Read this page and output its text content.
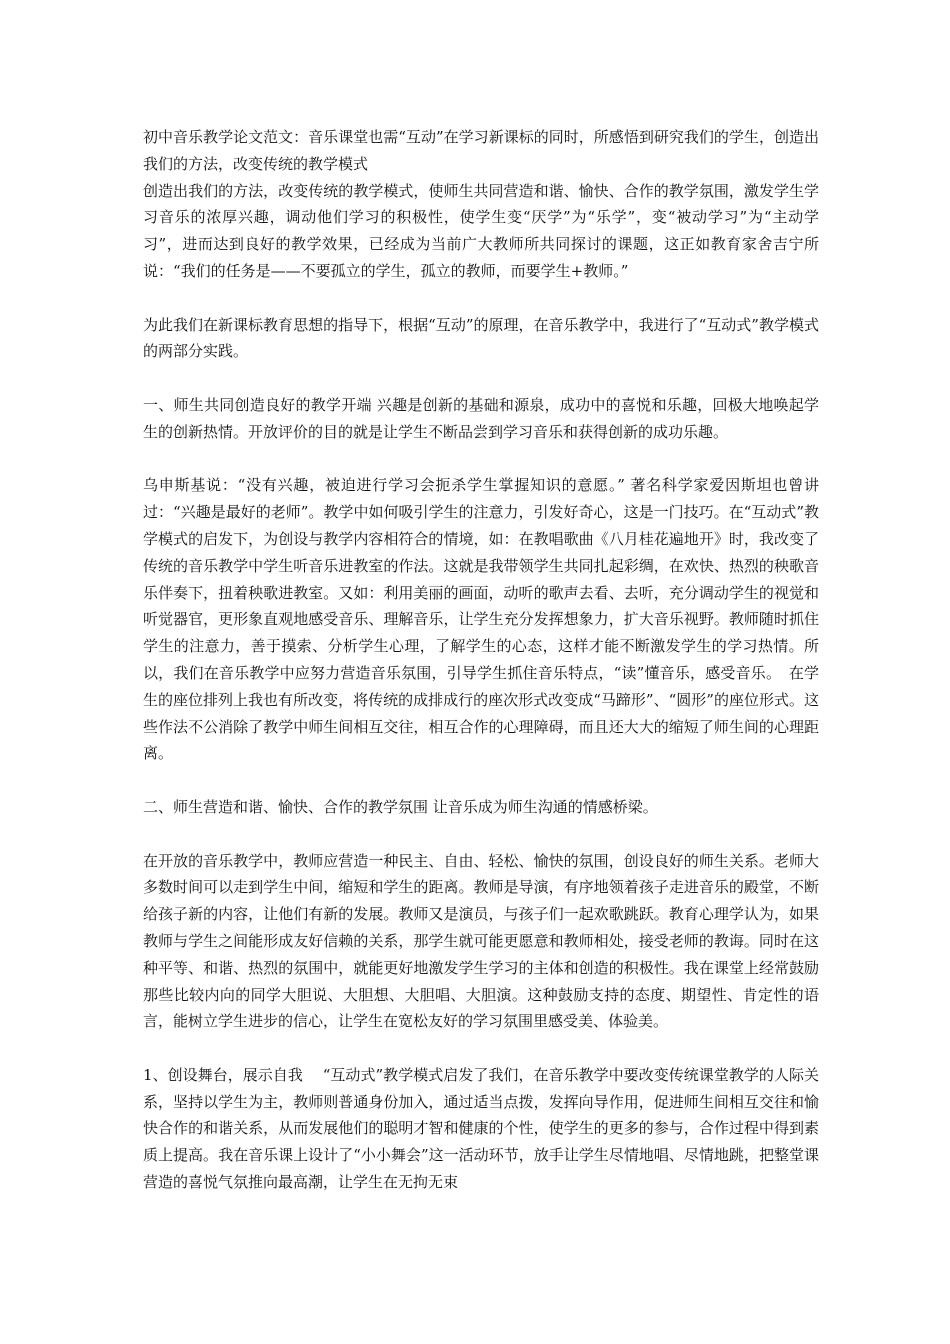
初中音乐教学论文范文：音乐课堂也需“互动”在学习新课标的同时，所感悟到研究我们的学生，创造出我们的方法，改变传统的教学模式

创造出我们的方法，改变传统的教学模式，使师生共同营造和谐、愉快、合作的教学氛围，激发学生学习音乐的浓厚兴趣，调动他们学习的积极性，使学生变“厌学”为“乐学”，变“被动学习”为“主动学习”，进而达到良好的教学效果，已经成为当前广大教师所共同探讨的课题，这正如教育家舍吉宁所说：“我们的任务是——不要孤立的学生，孤立的教师，而要学生+教师。”

为此我们在新课标教育思想的指导下，根据“互动”的原理，在音乐教学中，我进行了“互动式”教学模式的两部分实践。

一、师生共同创造良好的教学开端 兴趣是创新的基础和源泉，成功中的喜悦和乐趣，回极大地唤起学生的创新热情。开放评价的目的就是让学生不断品尝到学习音乐和获得创新的成功乐趣。

乌申斯基说：“没有兴趣，被迫进行学习会扼杀学生掌握知识的意愿。” 著名科学家爱因斯坦也曾讲过：“兴趣是最好的老师”。教学中如何吸引学生的注意力，引发好奇心，这是一门技巧。在“互动式”教学模式的启发下，为创设与教学内容相符合的情境，如：在教唱歌曲《八月桂花遍地开》时，我改变了传统的音乐教学中学生听音乐进教室的作法。这就是我带领学生共同扎起彩绸，在欢快、热烈的秧歌音乐伴奏下，扭着秧歌进教室。又如：利用美丽的画面，动听的歌声去看、去听，充分调动学生的视觉和听觉器官，更形象直观地感受音乐、理解音乐，让学生充分发挥想象力，扩大音乐视野。教师随时抓住学生的注意力，善于摸索、分析学生心理，了解学生的心态，这样才能不断激发学生的学习热情。所以，我们在音乐教学中应努力营造音乐氛围，引导学生抓住音乐特点，“读”懂音乐，感受音乐。　在学生的座位排列上我也有所改变，将传统的成排成行的座次形式改变成“马蹄形”、“圆形”的座位形式。这些作法不公消除了教学中师生间相互交往，相互合作的心理障碍，而且还大大的缩短了师生间的心理距离。

二、师生营造和谐、愉快、合作的教学氛围 让音乐成为师生沟通的情感桥梁。

在开放的音乐教学中，教师应营造一种民主、自由、轻松、愉快的氛围，创设良好的师生关系。老师大多数时间可以走到学生中间，缩短和学生的距离。教师是导演，有序地领着孩子走进音乐的殿堂，不断给孩子新的内容，让他们有新的发展。教师又是演员，与孩子们一起欢歌跳跃。教育心理学认为，如果教师与学生之间能形成友好信赖的关系，那学生就可能更愿意和教师相处，接受老师的教诲。同时在这种平等、和谐、热烈的氛围中，就能更好地激发学生学习的主体和创造的积极性。我在课堂上经常鼓励那些比较内向的同学大胆说、大胆想、大胆唱、大胆演。这种鼓励支持的态度、期望性、肯定性的语言，能树立学生进步的信心，让学生在宽松友好的学习氛围里感受美、体验美。

1、创设舞台，展示自我　 “互动式”教学模式启发了我们，在音乐教学中要改变传统课堂教学的人际关系，坚持以学生为主，教师则普通身份加入，通过适当点拨，发挥向导作用，促进师生间相互交往和愉快合作的和谐关系，从而发展他们的聪明才智和健康的个性，使学生的更多的参与，合作过程中得到素质上提高。我在音乐课上设计了“小小舞会”这一活动环节，放手让学生尽情地唱、尽情地跳，把整堂课营造的喜悦气氛推向最高潮，让学生在无拘无束
